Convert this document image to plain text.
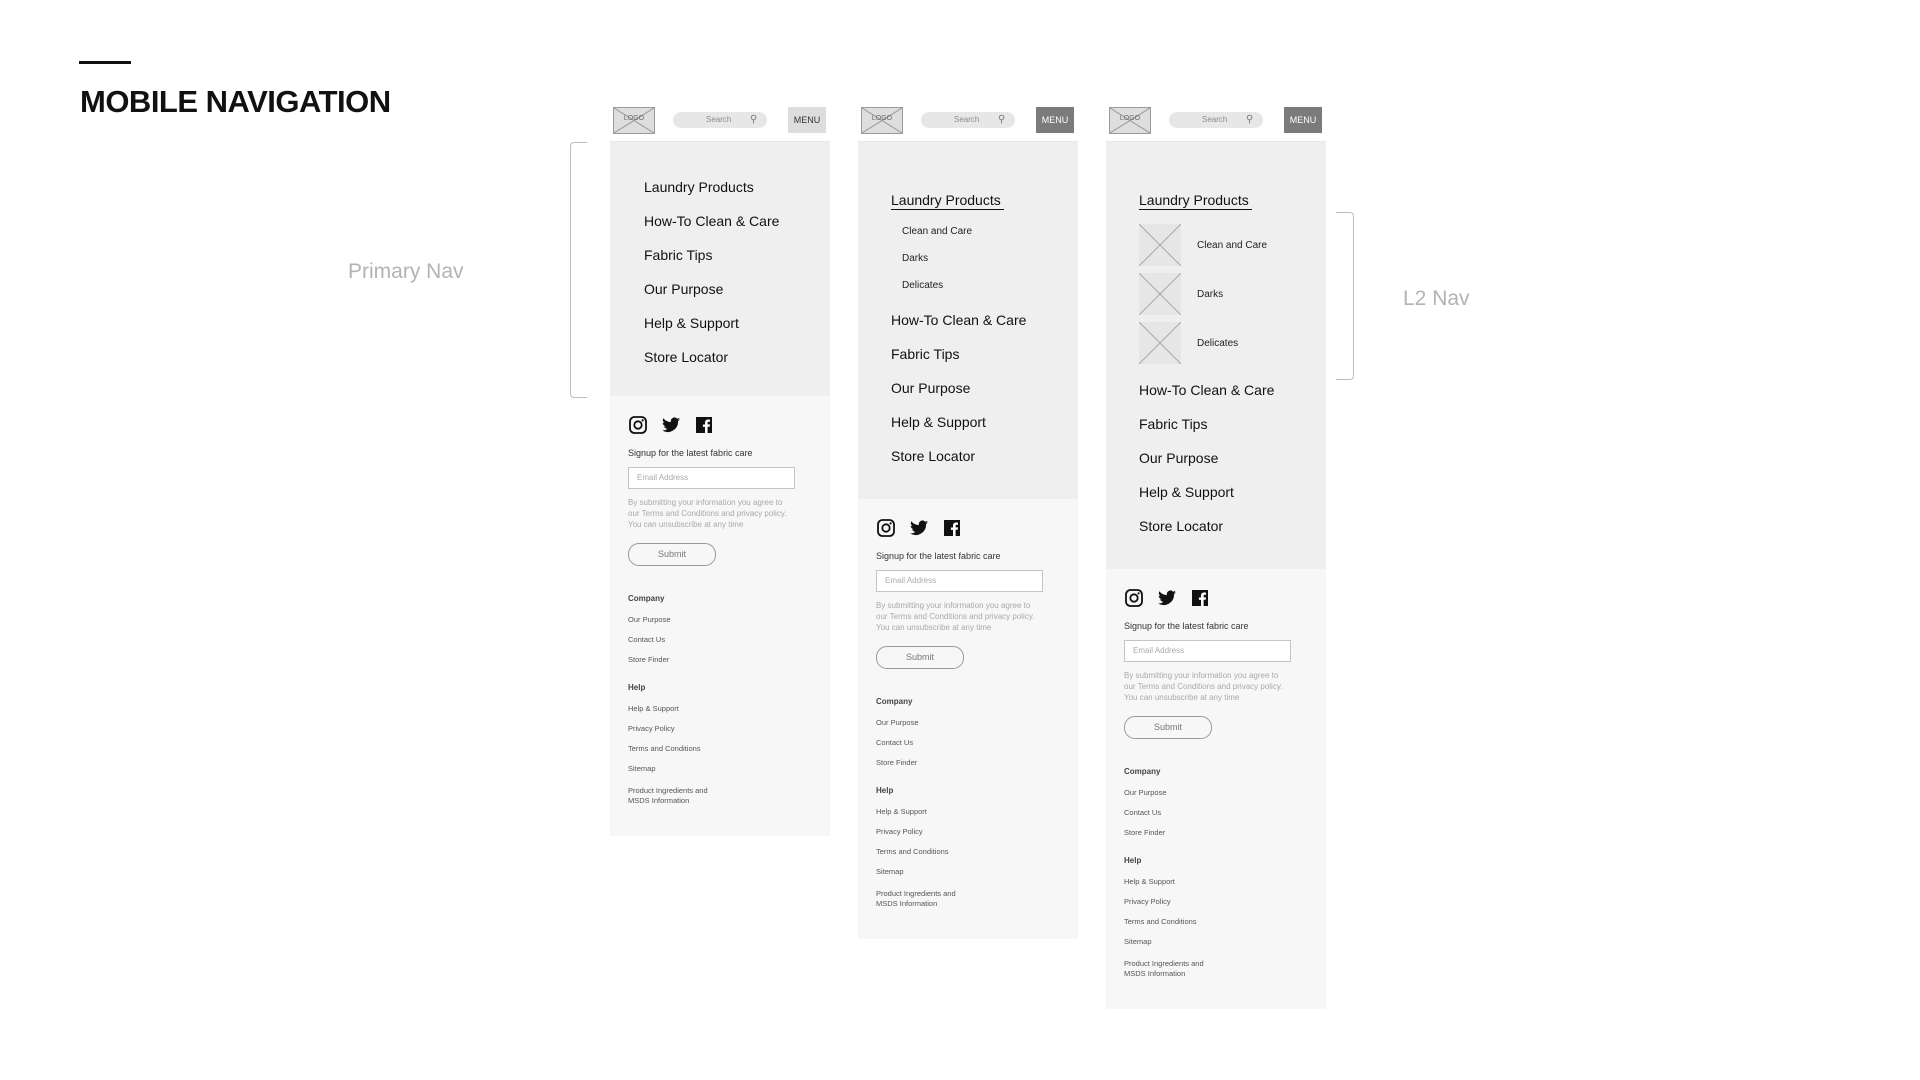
MOBILE NAVIGATION
Primary Nav
L2 Nav
LOGO	Search ⚲	MENU
Laundry Products
How-To Clean & Care
Fabric Tips
Our Purpose
Help & Support
Store Locator
Signup for the latest fabric care
Email Address
By submitting your information you agree to our Terms and Conditions and privacy policy. You can unsubscribe at any time
Submit
Company
Our Purpose
Contact Us
Store Finder
Help
Help & Support
Privacy Policy
Terms and Conditions
Sitemap
Product Ingredients and
MSDS Information
LOGO	Search ⚲	MENU
Laundry Products
Clean and Care
Darks
Delicates
How-To Clean & Care
Fabric Tips
Our Purpose
Help & Support
Store Locator
Signup for the latest fabric care
Email Address
By submitting your information you agree to our Terms and Conditions and privacy policy. You can unsubscribe at any time
Submit
Company
Our Purpose
Contact Us
Store Finder
Help
Help & Support
Privacy Policy
Terms and Conditions
Sitemap
Product Ingredients and
MSDS Information
LOGO	Search ⚲	MENU
Laundry Products
Clean and Care
Darks
Delicates
How-To Clean & Care
Fabric Tips
Our Purpose
Help & Support
Store Locator
Signup for the latest fabric care
Email Address
By submitting your information you agree to our Terms and Conditions and privacy policy. You can unsubscribe at any time
Submit
Company
Our Purpose
Contact Us
Store Finder
Help
Help & Support
Privacy Policy
Terms and Conditions
Sitemap
Product Ingredients and
MSDS Information
